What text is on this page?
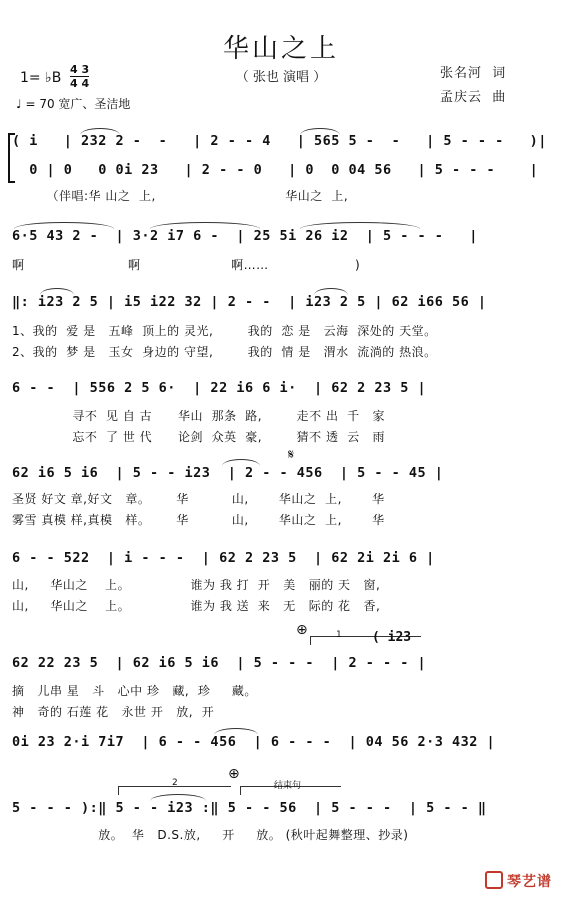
华山之上
（ 张也 演唱 ）	张名河  词
孟庆云  曲
1= ♭B
4 3
4 4
♩ = 70 宽广、圣洁地
( i   | 232 2 -  -   | 2 - - 4   | 565 5 -  -   | 5 - - -   )|
0 | 0   0 0i 23   | 2 - - 0   | 0  0 04 56   | 5 - - -    |
6·5 43 2 -  | 3·2 i7 6 -  | 25 5i 26 i2  | 5 - - -   |
‖: i23 2 5 | i5 i22 32 | 2 - -  | i23 2 5 | 62 i66 56 |
6 - -  | 556 2 5 6·  | 22 i6 6 i·  | 62 2 23 5 |
62 i6 5 i6  | 5 - - i23  | 2 - - 456  | 5 - - 45 |
6 - - 522  | i - - -  | 62 2 23 5  | 62 2i 2i 6 |
62 22 23 5  | 62 i6 5 i6  | 5 - - -  | 2 - - - |
0i 23 2·i 7i7  | 6 - - 456  | 6 - - -  | 04 56 2·3 432 |
5 - - - ):‖ 5 - - i23 :‖ 5 - - 56  | 5 - - -  | 5 - - ‖
（伴唱:华 山之  上,                              华山之  上,
啊                        啊                     啊……                    )
1、我的  爱 是   五峰  顶上的 灵光,        我的  恋 是   云海  深处的 天堂。
2、我的  梦 是   玉女  身边的 守望,        我的  情 是   渭水  流淌的 热浪。
寻不  见 自 古      华山  那条  路,        走不 出  千   家
忘不  了 世 代      论剑  众英  豪,        猜不 透  云   雨
圣贤 好文 章,好文   章。      华          山,       华山之  上,       华
雾雪 真模 样,真模   样。      华          山,       华山之  上,       华
山,     华山之    上。              谁为 我 打  开   美   丽的 天   窗,
山,     华山之    上。              谁为 我 送  来   无   际的 花   香,
摘   儿串 星   斗   心中 珍   藏,  珍     藏。
神   奇的 石莲 花   永世 开   放,  开
放。  华   D.S.放,     开     放。 (秋叶起舞整理、抄录)
𝄋
⊕	1 ( i23
2
⊕
结束句
琴艺谱
